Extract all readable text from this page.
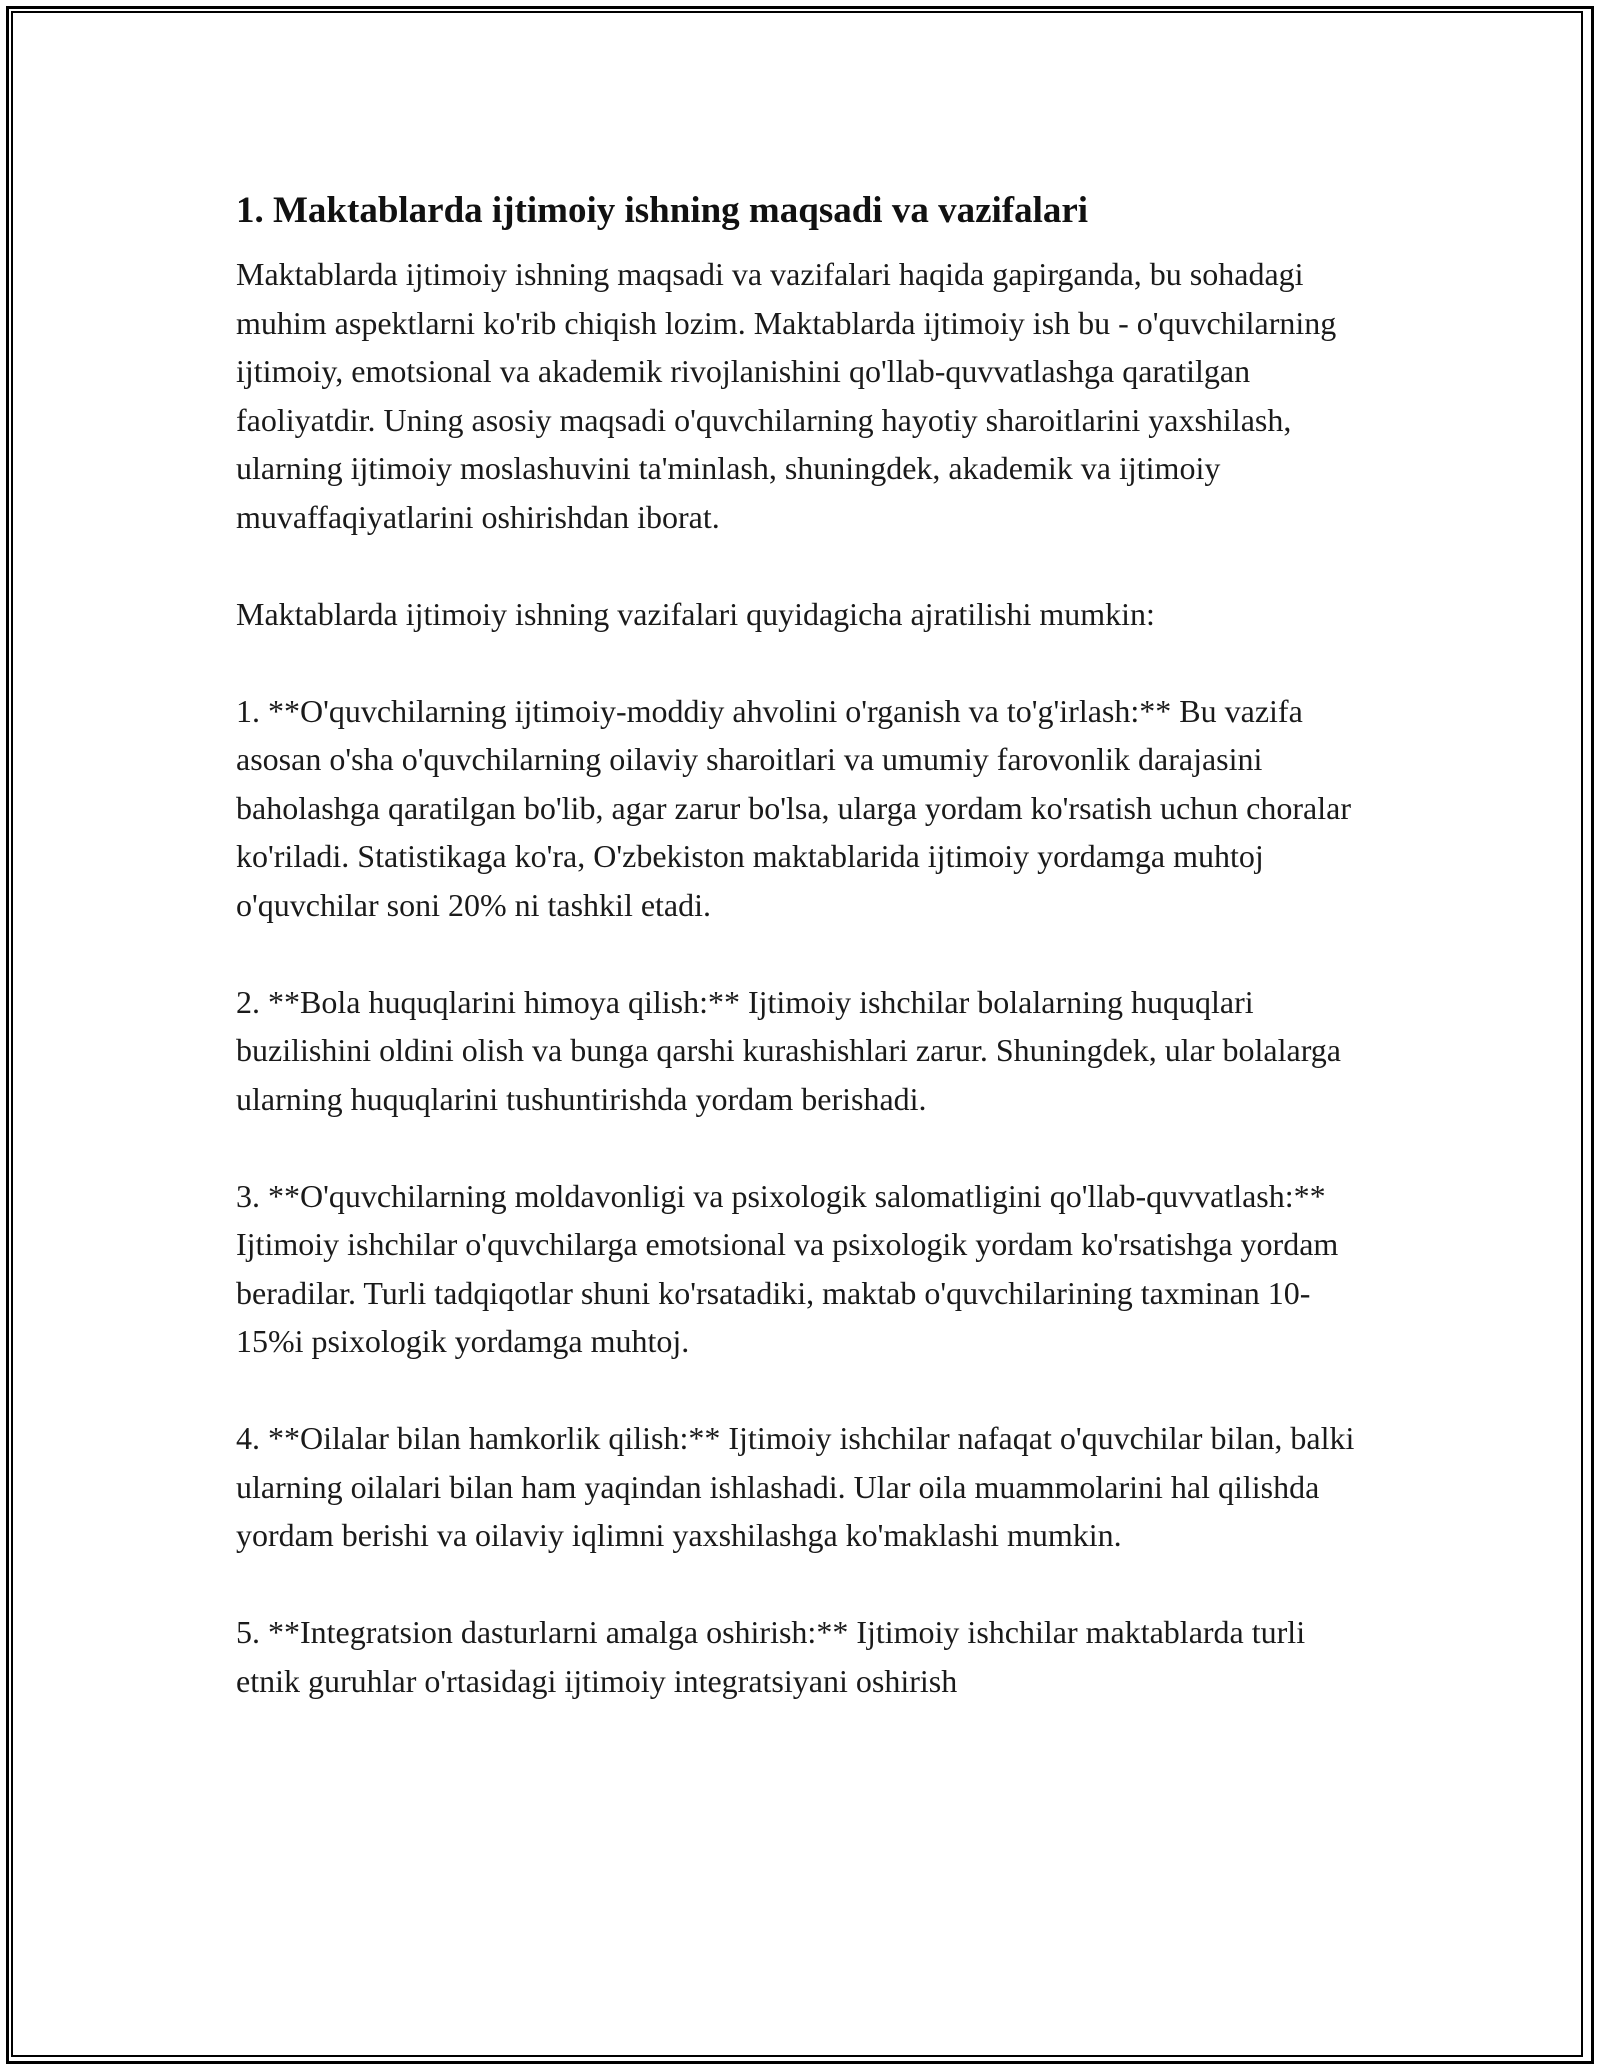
1. Maktablarda ijtimoiy ishning maqsadi va vazifalari

Maktablarda ijtimoiy ishning maqsadi va vazifalari haqida gapirganda, bu sohadagi muhim aspektlarni ko'rib chiqish lozim. Maktablarda ijtimoiy ish bu - o'quvchilarning ijtimoiy, emotsional va akademik rivojlanishini qo'llab-quvvatlashga qaratilgan faoliyatdir. Uning asosiy maqsadi o'quvchilarning hayotiy sharoitlarini yaxshilash, ularning ijtimoiy moslashuvini ta'minlash, shuningdek, akademik va ijtimoiy muvaffaqiyatlarini oshirishdan iborat.

Maktablarda ijtimoiy ishning vazifalari quyidagicha ajratilishi mumkin:

1. **O'quvchilarning ijtimoiy-moddiy ahvolini o'rganish va to'g'irlash:** Bu vazifa asosan o'sha o'quvchilarning oilaviy sharoitlari va umumiy farovonlik darajasini baholashga qaratilgan bo'lib, agar zarur bo'lsa, ularga yordam ko'rsatish uchun choralar ko'riladi. Statistikaga ko'ra, O'zbekiston maktablarida ijtimoiy yordamga muhtoj o'quvchilar soni 20% ni tashkil etadi.

2. **Bola huquqlarini himoya qilish:** Ijtimoiy ishchilar bolalarning huquqlari buzilishini oldini olish va bunga qarshi kurashishlari zarur. Shuningdek, ular bolalarga ularning huquqlarini tushuntirishda yordam berishadi.

3. **O'quvchilarning moldavonligi va psixologik salomatligini qo'llab-quvvatlash:** Ijtimoiy ishchilar o'quvchilarga emotsional va psixologik yordam ko'rsatishga yordam beradilar. Turli tadqiqotlar shuni ko'rsatadiki, maktab o'quvchilarining taxminan 10-15%i psixologik yordamga muhtoj.

4. **Oilalar bilan hamkorlik qilish:** Ijtimoiy ishchilar nafaqat o'quvchilar bilan, balki ularning oilalari bilan ham yaqindan ishlashadi. Ular oila muammolarini hal qilishda yordam berishi va oilaviy iqlimni yaxshilashga ko'maklashi mumkin.

5. **Integratsion dasturlarni amalga oshirish:** Ijtimoiy ishchilar maktablarda turli etnik guruhlar o'rtasidagi ijtimoiy integratsiyani oshirish
